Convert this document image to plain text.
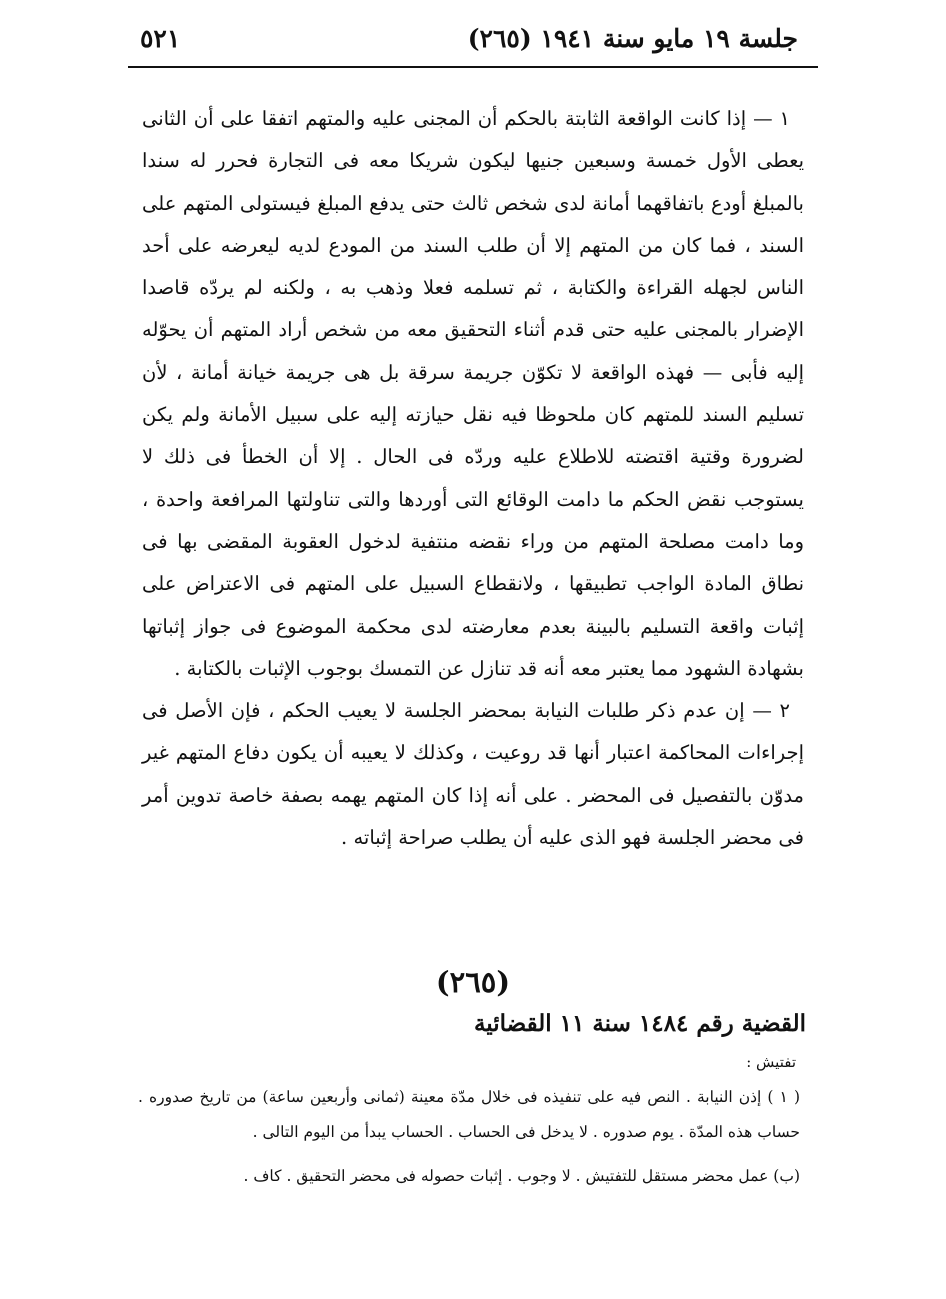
جلسة ١٩ مايو سنة ١٩٤١ (٢٦٥)
٥٢١

١ — إذا كانت الواقعة الثابتة بالحكم أن المجنى عليه والمتهم اتفقا على أن الثانى يعطى الأول خمسة وسبعين جنيها ليكون شريكا معه فى التجارة فحرر له سندا بالمبلغ أودع باتفاقهما أمانة لدى شخص ثالث حتى يدفع المبلغ فيستولى المتهم على السند ، فما كان من المتهم إلا أن طلب السند من المودع لديه ليعرضه على أحد الناس لجهله القراءة والكتابة ، ثم تسلمه فعلا وذهب به ، ولكنه لم يردّه قاصدا الإضرار بالمجنى عليه حتى قدم أثناء التحقيق معه من شخص أراد المتهم أن يحوّله إليه فأبى — فهذه الواقعة لا تكوّن جريمة سرقة بل هى جريمة خيانة أمانة ، لأن تسليم السند للمتهم كان ملحوظا فيه نقل حيازته إليه على سبيل الأمانة ولم يكن لضرورة وقتية اقتضته للاطلاع عليه وردّه فى الحال . إلا أن الخطأ فى ذلك لا يستوجب نقض الحكم ما دامت الوقائع التى أوردها والتى تناولتها المرافعة واحدة ، وما دامت مصلحة المتهم من وراء نقضه منتفية لدخول العقوبة المقضى بها فى نطاق المادة الواجب تطبيقها ، ولانقطاع السبيل على المتهم فى الاعتراض على إثبات واقعة التسليم بالبينة بعدم معارضته لدى محكمة الموضوع فى جواز إثباتها بشهادة الشهود مما يعتبر معه أنه قد تنازل عن التمسك بوجوب الإثبات بالكتابة .

٢ — إن عدم ذكر طلبات النيابة بمحضر الجلسة لا يعيب الحكم ، فإن الأصل فى إجراءات المحاكمة اعتبار أنها قد روعيت ، وكذلك لا يعيبه أن يكون دفاع المتهم غير مدوّن بالتفصيل فى المحضر . على أنه إذا كان المتهم يهمه بصفة خاصة تدوين أمر فى محضر الجلسة فهو الذى عليه أن يطلب صراحة إثباته .

(٢٦٥)
القضية رقم ١٤٨٤ سنة ١١ القضائية
تفتيش :

( ١ ) إذن النيابة . النص فيه على تنفيذه فى خلال مدّة معينة (ثمانى وأربعين ساعة) من تاريخ صدوره . حساب هذه المدّة . يوم صدوره . لا يدخل فى الحساب . الحساب يبدأ من اليوم التالى .

(ب) عمل محضر مستقل للتفتيش . لا وجوب . إثبات حصوله فى محضر التحقيق . كاف .
